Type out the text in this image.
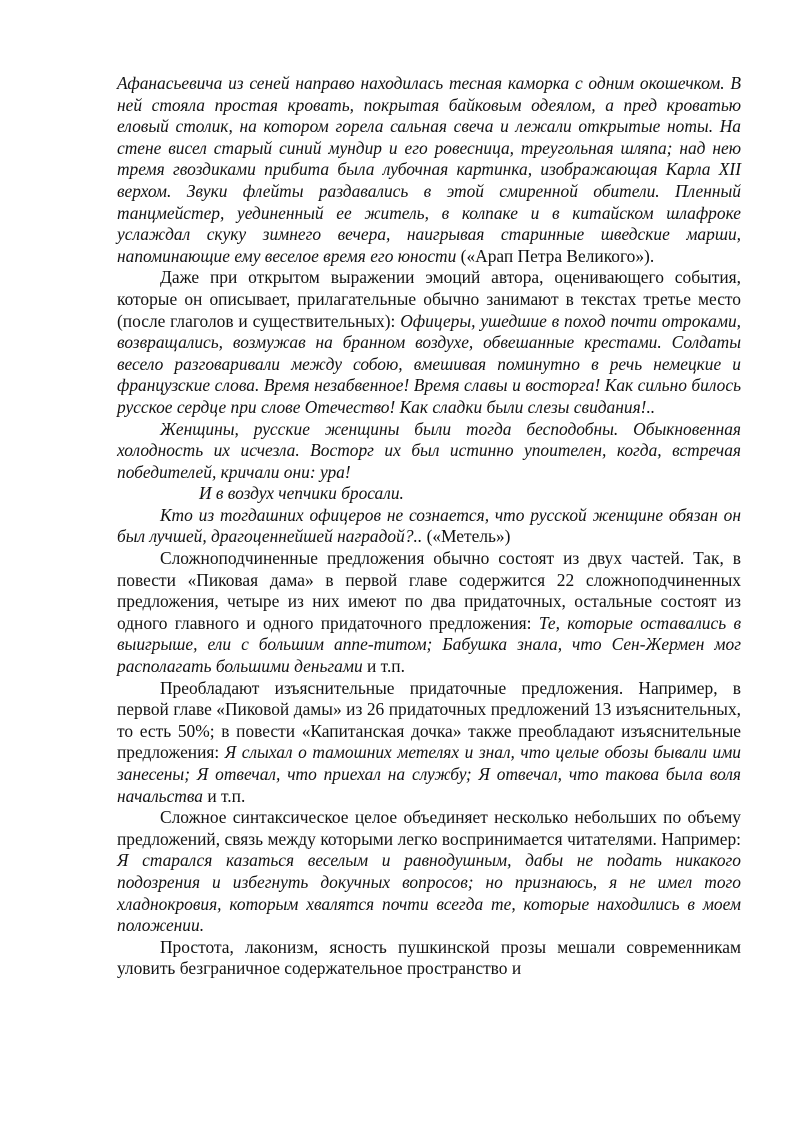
Афанасьевича из сеней направо находилась тесная каморка с одним окошечком. В ней стояла простая кровать, покрытая байковым одеялом, а пред кроватью еловый столик, на котором горела сальная свеча и лежали открытые ноты. На стене висел старый синий мундир и его ровесница, треугольная шляпа; над нею тремя гвоздиками прибита была лубочная картинка, изображающая Карла XII верхом. Звуки флейты раздавались в этой смиренной обители. Пленный танцмейстер, уединенный ее житель, в колпаке и в китайском шлафроке услаждал скуку зимнего вечера, наигрывая старинные шведские марши, напоминающие ему веселое время его юности («Арап Петра Великого»).

Даже при открытом выражении эмоций автора, оценивающего события, которые он описывает, прилагательные обычно занимают в текстах третье место (после глаголов и существительных): Офицеры, ушедшие в поход почти отроками, возвращались, возмужав на бранном воздухе, обвешанные крестами. Солдаты весело разговаривали между собою, вмешивая поминутно в речь немецкие и французские слова. Время незабвенное! Время славы и восторга! Как сильно билось русское сердце при слове Отечество! Как сладки были слезы свидания!..

Женщины, русские женщины были тогда бесподобны. Обыкновенная холодность их исчезла. Восторг их был истинно упоителен, когда, встречая победителей, кричали они: ура!

И в воздух чепчики бросали.

Кто из тогдашних офицеров не сознается, что русской женщине обязан он был лучшей, драгоценнейшей наградой?.. («Метель»)

Сложноподчиненные предложения обычно состоят из двух частей. Так, в повести «Пиковая дама» в первой главе содержится 22 сложноподчиненных предложения, четыре из них имеют по два придаточных, остальные состоят из одного главного и одного придаточного предложения: Те, которые оставались в выигрыше, ели с большим аппе-титом; Бабушка знала, что Сен-Жермен мог располагать большими деньгами и т.п.

Преобладают изъяснительные придаточные предложения. Например, в первой главе «Пиковой дамы» из 26 придаточных предложений 13 изъяснительных, то есть 50%; в повести «Капитанская дочка» также преобладают изъяснительные предложения: Я слыхал о тамошних метелях и знал, что целые обозы бывали ими занесены; Я отвечал, что приехал на службу; Я отвечал, что такова была воля начальства и т.п.

Сложное синтаксическое целое объединяет несколько небольших по объему предложений, связь между которыми легко воспринимается читателями. Например: Я старался казаться веселым и равнодушным, дабы не подать никакого подозрения и избегнуть докучных вопросов; но признаюсь, я не имел того хладнокровия, которым хвалятся почти всегда те, которые находились в моем положении.

Простота, лаконизм, ясность пушкинской прозы мешали современникам уловить безграничное содержательное пространство и
